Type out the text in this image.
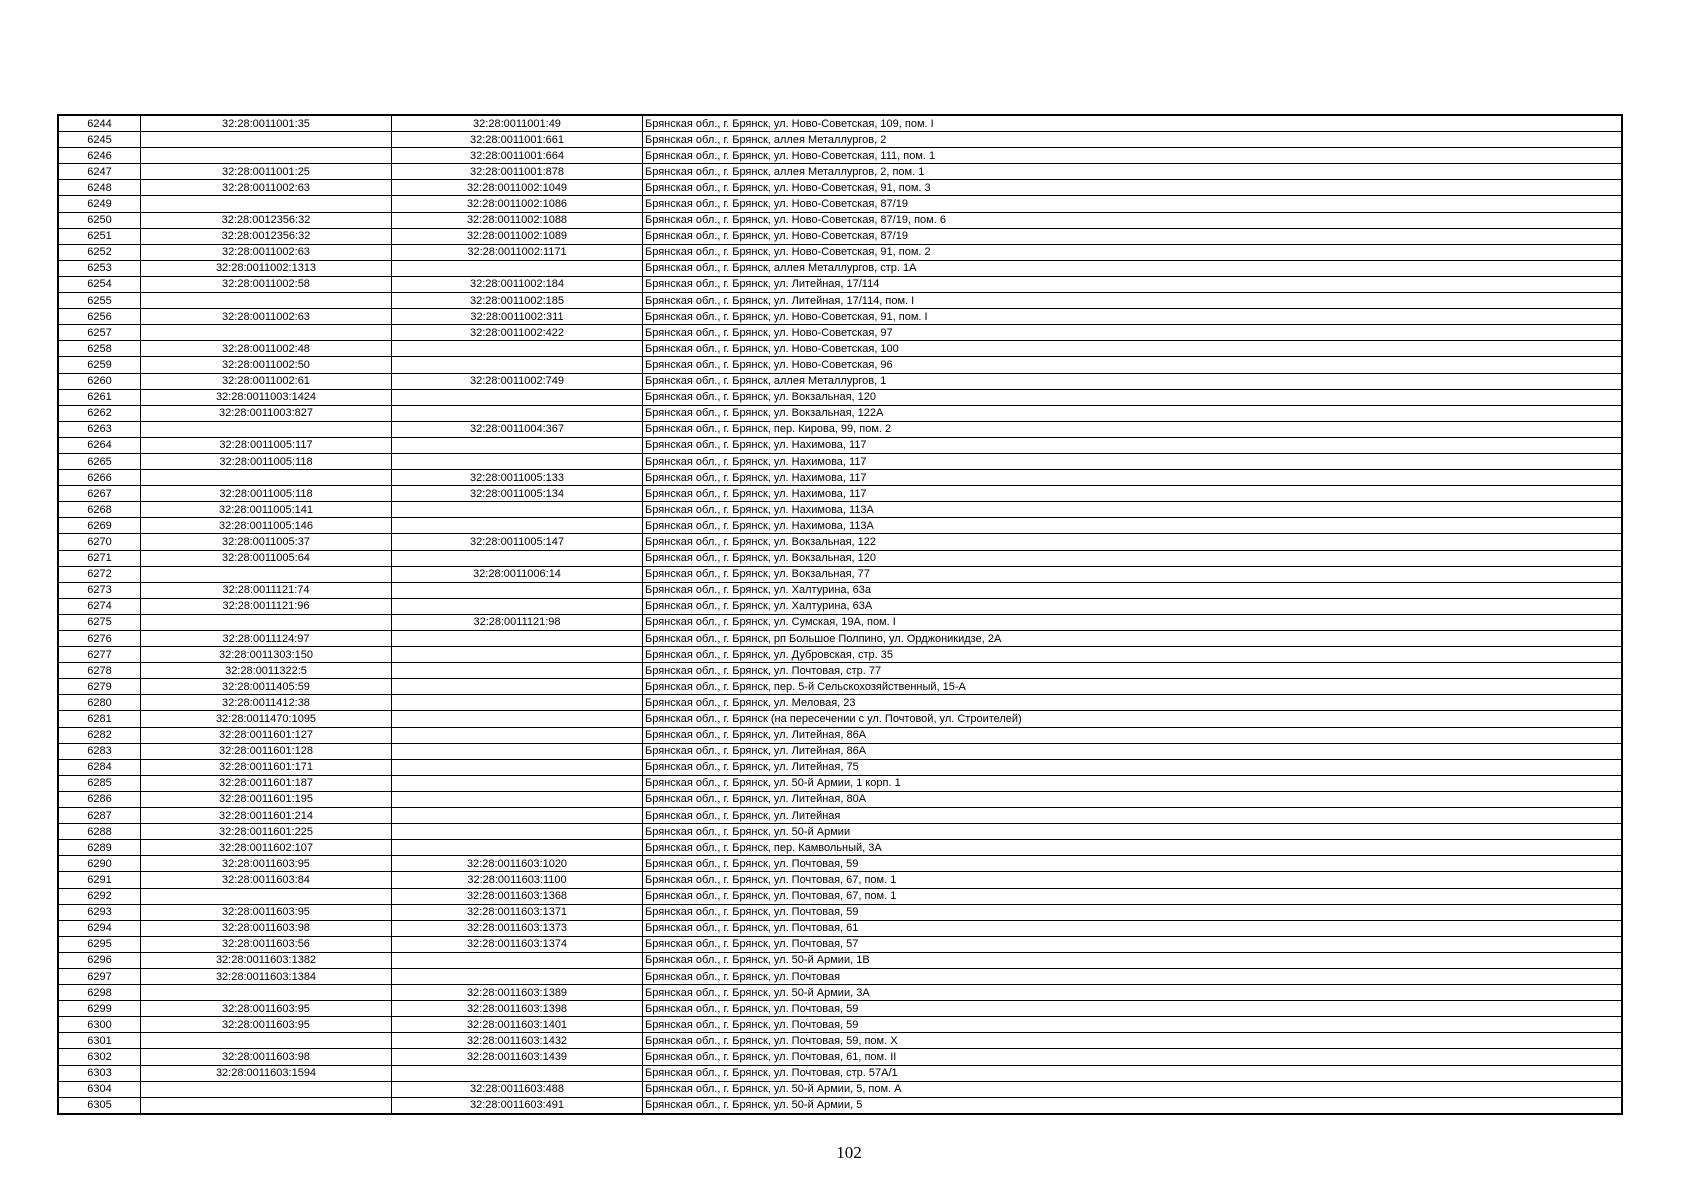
6244	32:28:0011001:35	32:28:0011001:49	Брянская обл., г. Брянск, ул. Ново-Советская, 109, пом. I
6245		32:28:0011001:661	Брянская обл., г. Брянск, аллея Металлургов, 2
6246		32:28:0011001:664	Брянская обл., г. Брянск, ул. Ново-Советская, 111, пом. 1
6247	32:28:0011001:25	32:28:0011001:878	Брянская обл., г. Брянск, аллея Металлургов, 2, пом. 1
6248	32:28:0011002:63	32:28:0011002:1049	Брянская обл., г. Брянск, ул. Ново-Советская, 91, пом. 3
6249		32:28:0011002:1086	Брянская обл., г. Брянск, ул. Ново-Советская, 87/19
6250	32:28:0012356:32	32:28:0011002:1088	Брянская обл., г. Брянск, ул. Ново-Советская, 87/19, пом. 6
6251	32:28:0012356:32	32:28:0011002:1089	Брянская обл., г. Брянск, ул. Ново-Советская, 87/19
6252	32:28:0011002:63	32:28:0011002:1171	Брянская обл., г. Брянск, ул. Ново-Советская, 91, пом. 2
6253	32:28:0011002:1313		Брянская обл., г. Брянск, аллея Металлургов, стр. 1А
6254	32:28:0011002:58	32:28:0011002:184	Брянская обл., г. Брянск, ул. Литейная, 17/114
6255		32:28:0011002:185	Брянская обл., г. Брянск, ул. Литейная, 17/114, пом. I
6256	32:28:0011002:63	32:28:0011002:311	Брянская обл., г. Брянск, ул. Ново-Советская, 91, пом. I
6257		32:28:0011002:422	Брянская обл., г. Брянск, ул. Ново-Советская, 97
6258	32:28:0011002:48		Брянская обл., г. Брянск, ул. Ново-Советская, 100
6259	32:28:0011002:50		Брянская обл., г. Брянск, ул. Ново-Советская, 96
6260	32:28:0011002:61	32:28:0011002:749	Брянская обл., г. Брянск, аллея Металлургов, 1
6261	32:28:0011003:1424		Брянская обл., г. Брянск, ул. Вокзальная, 120
6262	32:28:0011003:827		Брянская обл., г. Брянск, ул. Вокзальная, 122А
6263		32:28:0011004:367	Брянская обл., г. Брянск, пер. Кирова, 99, пом. 2
6264	32:28:0011005:117		Брянская обл., г. Брянск, ул. Нахимова, 117
6265	32:28:0011005:118		Брянская обл., г. Брянск, ул. Нахимова, 117
6266		32:28:0011005:133	Брянская обл., г. Брянск, ул. Нахимова, 117
6267	32:28:0011005:118	32:28:0011005:134	Брянская обл., г. Брянск, ул. Нахимова, 117
6268	32:28:0011005:141		Брянская обл., г. Брянск, ул. Нахимова, 113А
6269	32:28:0011005:146		Брянская обл., г. Брянск, ул. Нахимова, 113А
6270	32:28:0011005:37	32:28:0011005:147	Брянская обл., г. Брянск, ул. Вокзальная, 122
6271	32:28:0011005:64		Брянская обл., г. Брянск, ул. Вокзальная, 120
6272		32:28:0011006:14	Брянская обл., г. Брянск, ул. Вокзальная, 77
6273	32:28:0011121:74		Брянская обл., г. Брянск, ул. Халтурина, 63а
6274	32:28:0011121:96		Брянская обл., г. Брянск, ул. Халтурина, 63А
6275		32:28:0011121:98	Брянская обл., г. Брянск, ул. Сумская, 19А, пом. I
6276	32:28:0011124:97		Брянская обл., г. Брянск, рп Большое Полпино, ул. Орджоникидзе, 2А
6277	32:28:0011303:150		Брянская обл., г. Брянск, ул. Дубровская, стр. 35
6278	32:28:0011322:5		Брянская обл., г. Брянск, ул. Почтовая, стр. 77
6279	32:28:0011405:59		Брянская обл., г. Брянск, пер. 5-й Сельскохозяйственный, 15-А
6280	32:28:0011412:38		Брянская обл., г. Брянск, ул. Меловая, 23
6281	32:28:0011470:1095		Брянская обл., г. Брянск (на пересечении с ул. Почтовой, ул. Строителей)
6282	32:28:0011601:127		Брянская обл., г. Брянск, ул. Литейная, 86А
6283	32:28:0011601:128		Брянская обл., г. Брянск, ул. Литейная, 86А
6284	32:28:0011601:171		Брянская обл., г. Брянск, ул. Литейная, 75
6285	32:28:0011601:187		Брянская обл., г. Брянск, ул. 50-й Армии, 1 корп. 1
6286	32:28:0011601:195		Брянская обл., г. Брянск, ул. Литейная, 80А
6287	32:28:0011601:214		Брянская обл., г. Брянск, ул. Литейная
6288	32:28:0011601:225		Брянская обл., г. Брянск, ул. 50-й Армии
6289	32:28:0011602:107		Брянская обл., г. Брянск, пер. Камвольный, 3А
6290	32:28:0011603:95	32:28:0011603:1020	Брянская обл., г. Брянск, ул. Почтовая, 59
6291	32:28:0011603:84	32:28:0011603:1100	Брянская обл., г. Брянск, ул. Почтовая, 67, пом. 1
6292		32:28:0011603:1368	Брянская обл., г. Брянск, ул. Почтовая, 67, пом. 1
6293	32:28:0011603:95	32:28:0011603:1371	Брянская обл., г. Брянск, ул. Почтовая, 59
6294	32:28:0011603:98	32:28:0011603:1373	Брянская обл., г. Брянск, ул. Почтовая, 61
6295	32:28:0011603:56	32:28:0011603:1374	Брянская обл., г. Брянск, ул. Почтовая, 57
6296	32:28:0011603:1382		Брянская обл., г. Брянск, ул. 50-й Армии, 1В
6297	32:28:0011603:1384		Брянская обл., г. Брянск, ул. Почтовая
6298		32:28:0011603:1389	Брянская обл., г. Брянск, ул. 50-й Армии, 3А
6299	32:28:0011603:95	32:28:0011603:1398	Брянская обл., г. Брянск, ул. Почтовая, 59
6300	32:28:0011603:95	32:28:0011603:1401	Брянская обл., г. Брянск, ул. Почтовая, 59
6301		32:28:0011603:1432	Брянская обл., г. Брянск, ул. Почтовая, 59, пом. X
6302	32:28:0011603:98	32:28:0011603:1439	Брянская обл., г. Брянск, ул. Почтовая, 61, пом. II
6303	32:28:0011603:1594		Брянская обл., г. Брянск, ул. Почтовая, стр. 57А/1
6304		32:28:0011603:488	Брянская обл., г. Брянск, ул. 50-й Армии, 5, пом. А
6305		32:28:0011603:491	Брянская обл., г. Брянск, ул. 50-й Армии, 5
102
